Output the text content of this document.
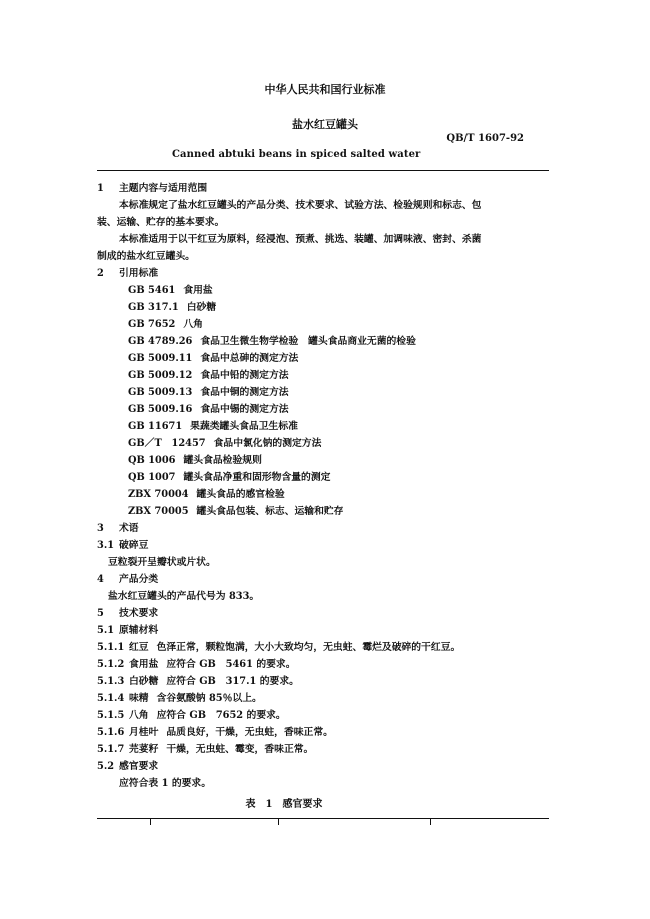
中华人民共和国行业标准
盐水红豆罐头
QB/T 1607-92
Canned abtuki beans in spiced salted water
1 主题内容与适用范围
本标准规定了盐水红豆罐头的产品分类、技术要求、试验方法、检验规则和标志、包
装、运输、贮存的基本要求。
本标准适用于以干红豆为原料，经浸泡、预煮、挑选、装罐、加调味液、密封、杀菌
制成的盐水红豆罐头。
2 引用标准
GB 5461 食用盐
GB 317.1 白砂糖
GB 7652 八角
GB 4789.26 食品卫生微生物学检验　罐头食品商业无菌的检验
GB 5009.11 食品中总砷的测定方法
GB 5009.12 食品中铅的测定方法
GB 5009.13 食品中铜的测定方法
GB 5009.16 食品中锡的测定方法
GB 11671 果蔬类罐头食品卫生标准
GB／T　12457 食品中氯化钠的测定方法
QB 1006 罐头食品检验规则
QB 1007 罐头食品净重和固形物含量的测定
ZBX 70004 罐头食品的感官检验
ZBX 70005 罐头食品包装、标志、运输和贮存
3 术语
3.1 破碎豆
豆粒裂开呈瓣状或片状。
4 产品分类
盐水红豆罐头的产品代号为 833。
5 技术要求
5.1 原辅材料
5.1.1 红豆 色泽正常，颗粒饱满，大小大致均匀，无虫蛀、霉烂及破碎的干红豆。
5.1.2 食用盐 应符合 GB　5461 的要求。
5.1.3 白砂糖 应符合 GB　317.1 的要求。
5.1.4 味精 含谷氨酸钠 85％以上。
5.1.5 八角 应符合 GB　7652 的要求。
5.1.6 月桂叶 品质良好，干燥，无虫蛀，香味正常。
5.1.7 芫荽籽 干燥，无虫蛀、霉变，香味正常。
5.2 感官要求
应符合表 1 的要求。
表　1　感官要求
